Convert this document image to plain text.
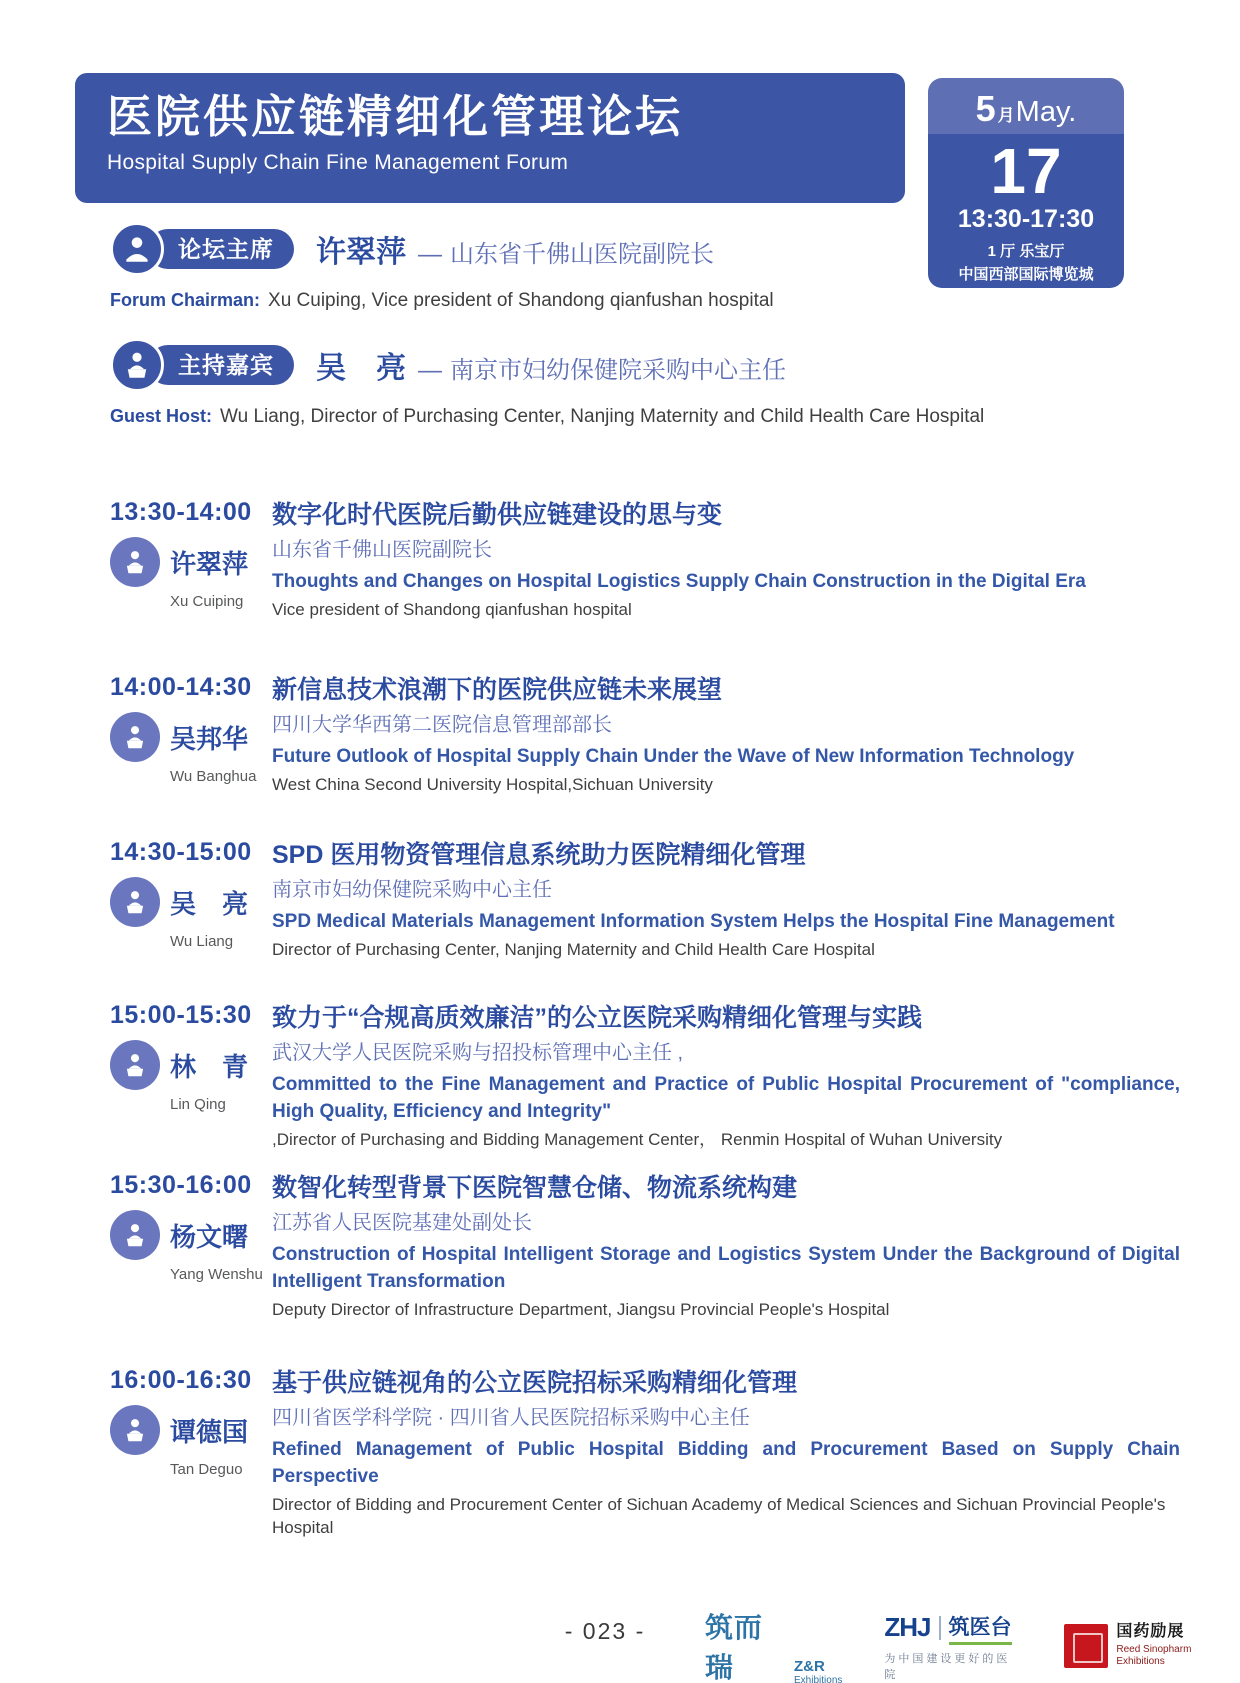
医院供应链精细化管理论坛
Hospital Supply Chain Fine Management Forum
5 月 May.
17
13:30-17:30
1 厅 乐宝厅
中国西部国际博览城
论坛主席	许翠萍 — 山东省千佛山医院副院长
Forum Chairman: Xu Cuiping, Vice president of Shandong qianfushan hospital
主持嘉宾	吴　亮 — 南京市妇幼保健院采购中心主任
Guest Host: Wu Liang, Director of Purchasing Center, Nanjing Maternity and Child Health Care Hospital
13:30-14:00
许翠萍
Xu Cuiping
数字化时代医院后勤供应链建设的思与变
山东省千佛山医院副院长
Thoughts and Changes on Hospital Logistics Supply Chain Construction in the Digital Era
Vice president of Shandong qianfushan hospital
14:00-14:30
吴邦华
Wu Banghua
新信息技术浪潮下的医院供应链未来展望
四川大学华西第二医院信息管理部部长
Future Outlook of Hospital Supply Chain Under the Wave of New Information Technology
West China Second University Hospital,Sichuan University
14:30-15:00
吴　亮
Wu Liang
SPD 医用物资管理信息系统助力医院精细化管理
南京市妇幼保健院采购中心主任
SPD Medical Materials Management Information System Helps the Hospital Fine Management
Director of Purchasing Center, Nanjing Maternity and Child Health Care Hospital
15:00-15:30
林　青
Lin Qing
致力于“合规高质效廉洁”的公立医院采购精细化管理与实践
武汉大学人民医院采购与招投标管理中心主任 ,
Committed to the Fine Management and Practice of Public Hospital Procurement of "compliance, High Quality, Efficiency and Integrity"
,Director of Purchasing and Bidding Management Center， Renmin Hospital of Wuhan University
15:30-16:00
杨文曙
Yang Wenshu
数智化转型背景下医院智慧仓储、物流系统构建
江苏省人民医院基建处副处长
Construction of Hospital Intelligent Storage and Logistics System Under the Background of Digital Intelligent Transformation
Deputy Director of Infrastructure Department, Jiangsu Provincial People's Hospital
16:00-16:30
谭德国
Tan Deguo
基于供应链视角的公立医院招标采购精细化管理
四川省医学科学院 · 四川省人民医院招标采购中心主任
Refined Management of Public Hospital Bidding and Procurement Based on Supply Chain Perspective
Director of Bidding and Procurement Center of Sichuan Academy of Medical Sciences and Sichuan Provincial People's Hospital
- 023 -	筑而瑞	Z&R
Exhibitions
ZHJ 筑医台
为中国建设更好的医院
国药励展
Reed Sinopharm Exhibitions
